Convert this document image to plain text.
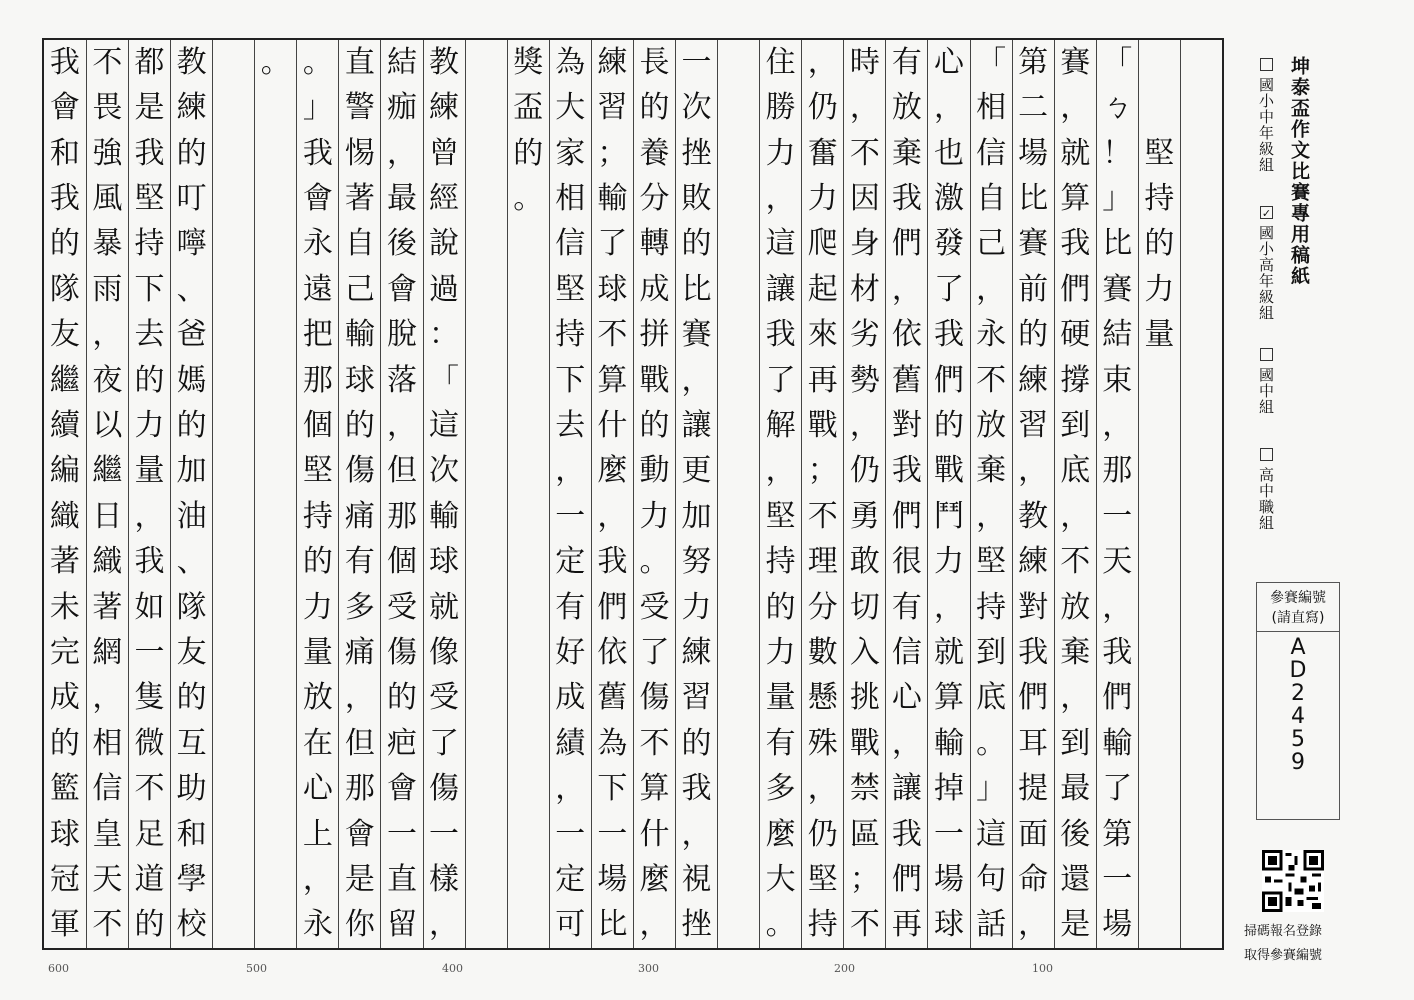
堅
持
的
力
量
「
ㄅ
！
」
比
賽
結
束
，
那
一
天
，
我
們
輸
了
第
一
場
賽
，
就
算
我
們
硬
撐
到
底
，
不
放
棄
，
到
最
後
還
是
第
二
場
比
賽
前
的
練
習
，
教
練
對
我
們
耳
提
面
命
，
「
相
信
自
己
，
永
不
放
棄
，
堅
持
到
底
。
」
這
句
話
心
，
也
激
發
了
我
們
的
戰
鬥
力
，
就
算
輸
掉
一
場
球
有
放
棄
我
們
，
依
舊
對
我
們
很
有
信
心
，
讓
我
們
再
時
，
不
因
身
材
劣
勢
，
仍
勇
敢
切
入
挑
戰
禁
區
；
不
，
仍
奮
力
爬
起
來
再
戰
；
不
理
分
數
懸
殊
，
仍
堅
持
住
勝
力
，
這
讓
我
了
解
，
堅
持
的
力
量
有
多
麼
大
。
一
次
挫
敗
的
比
賽
，
讓
更
加
努
力
練
習
的
我
，
視
挫
長
的
養
分
轉
成
拼
戰
的
動
力
。
受
了
傷
不
算
什
麼
，
練
習
；
輸
了
球
不
算
什
麼
，
我
們
依
舊
為
下
一
場
比
為
大
家
相
信
堅
持
下
去
，
一
定
有
好
成
績
，
一
定
可
獎
盃
的
。
教
練
曾
經
說
過
：
「
這
次
輸
球
就
像
受
了
傷
一
樣
，
結
痂
，
最
後
會
脫
落
，
但
那
個
受
傷
的
疤
會
一
直
留
直
警
惕
著
自
己
輸
球
的
傷
痛
有
多
痛
，
但
那
會
是
你
。
」
我
會
永
遠
把
那
個
堅
持
的
力
量
放
在
心
上
，
永
。
教
練
的
叮
嚀
、
爸
媽
的
加
油
、
隊
友
的
互
助
和
學
校
都
是
我
堅
持
下
去
的
力
量
，
我
如
一
隻
微
不
足
道
的
不
畏
強
風
暴
雨
，
夜
以
繼
日
織
著
網
，
相
信
皇
天
不
我
會
和
我
的
隊
友
繼
續
編
織
著
未
完
成
的
籃
球
冠
軍
600	500	400	300	200	100
坤泰盃作文比賽專用稿紙
國小中年級組
✓國小高年級組
國中組
高中職組
參賽編號
(請直寫)
A
D
2
4
5
9
掃碼報名登錄
取得參賽編號
